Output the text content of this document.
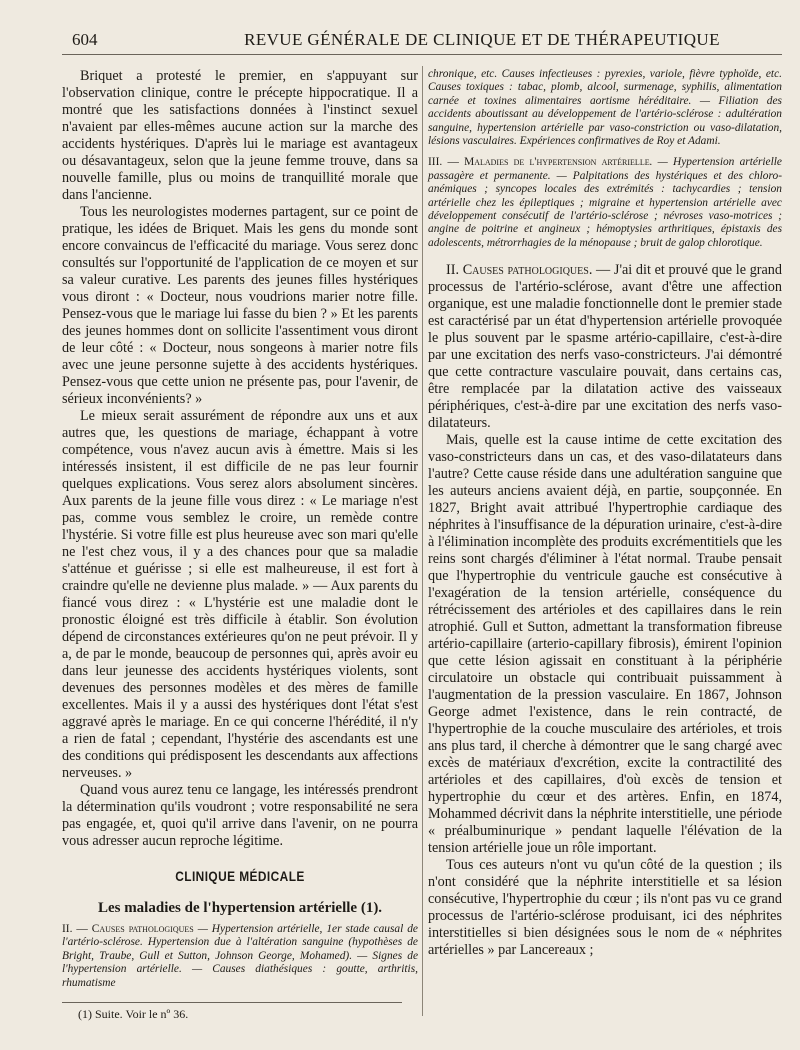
604	REVUE GÉNÉRALE DE CLINIQUE ET DE THÉRAPEUTIQUE

Briquet a protesté le premier, en s'appuyant sur l'observation clinique, contre le précepte hippocratique. Il a montré que les satisfactions données à l'instinct sexuel n'avaient par elles-mêmes aucune action sur la marche des accidents hystériques. D'après lui le mariage est avantageux ou désavantageux, selon que la jeune femme trouve, dans sa nouvelle famille, plus ou moins de tranquillité morale que dans l'ancienne.

Tous les neurologistes modernes partagent, sur ce point de pratique, les idées de Briquet. Mais les gens du monde sont encore convaincus de l'efficacité du mariage. Vous serez donc consultés sur l'opportunité de l'application de ce moyen et sur sa valeur curative. Les parents des jeunes filles hystériques vous diront : « Docteur, nous voudrions marier notre fille. Pensez-vous que le mariage lui fasse du bien ? » Et les parents des jeunes hommes dont on sollicite l'assentiment vous diront de leur côté : « Docteur, nous songeons à marier notre fils avec une jeune personne sujette à des accidents hystériques. Pensez-vous que cette union ne présente pas, pour l'avenir, de sérieux inconvénients? »

Le mieux serait assurément de répondre aux uns et aux autres que, les questions de mariage, échappant à votre compétence, vous n'avez aucun avis à émettre. Mais si les intéressés insistent, il est difficile de ne pas leur fournir quelques explications. Vous serez alors absolument sincères. Aux parents de la jeune fille vous direz : « Le mariage n'est pas, comme vous semblez le croire, un remède contre l'hystérie. Si votre fille est plus heureuse avec son mari qu'elle ne l'est chez vous, il y a des chances pour que sa maladie s'atténue et guérisse ; si elle est malheureuse, il est fort à craindre qu'elle ne devienne plus malade. » — Aux parents du fiancé vous direz : « L'hystérie est une maladie dont le pronostic éloigné est très difficile à établir. Son évolution dépend de circonstances extérieures qu'on ne peut prévoir. Il y a, de par le monde, beaucoup de personnes qui, après avoir eu dans leur jeunesse des accidents hystériques violents, sont devenues des personnes modèles et des mères de famille excellentes. Mais il y a aussi des hystériques dont l'état s'est aggravé après le mariage. En ce qui concerne l'hérédité, il n'y a rien de fatal ; cependant, l'hystérie des ascendants est une des conditions qui prédisposent les descendants aux affections nerveuses. »

Quand vous aurez tenu ce langage, les intéressés prendront la détermination qu'ils voudront ; votre responsabilité ne sera pas engagée, et, quoi qu'il arrive dans l'avenir, on ne pourra vous adresser aucun reproche légitime.

CLINIQUE MÉDICALE
Les maladies de l'hypertension artérielle (1).

II. — Causes pathologiques — Hypertension artérielle, 1er stade causal de l'artério-sclérose. Hypertension due à l'altération sanguine (hypothèses de Bright, Traube, Gull et Sutton, Johnson George, Mohamed). — Signes de l'hypertension artérielle. — Causes diathésiques : goutte, arthritis, rhumatisme

(1) Suite. Voir le nº 36.

chronique, etc. Causes infectieuses : pyrexies, variole, fièvre typhoïde, etc. Causes toxiques : tabac, plomb, alcool, surmenage, syphilis, alimentation carnée et toxines alimentaires aortisme héréditaire. — Filiation des accidents aboutissant au développement de l'artério-sclérose : adultération sanguine, hypertension artérielle par vaso-constriction ou vaso-dilatation, lésions vasculaires. Expériences confirmatives de Roy et Adami.

III. — Maladies de l'hypertension artérielle. — Hypertension artérielle passagère et permanente. — Palpitations des hystériques et des chloro-anémiques ; syncopes locales des extrémités : tachycardies ; tension artérielle chez les épileptiques ; migraine et hypertension artérielle avec développement consécutif de l'artério-sclérose ; névroses vaso-motrices ; angine de poitrine et angineux ; hémoptysies arthritiques, épistaxis des adolescents, métrorrhagies de la ménopause ; bruit de galop chlorotique.

II. Causes pathologiques. — J'ai dit et prouvé que le grand processus de l'artério-sclérose, avant d'être une affection organique, est une maladie fonctionnelle dont le premier stade est caractérisé par un état d'hypertension artérielle provoquée le plus souvent par le spasme artério-capillaire, c'est-à-dire par une excitation des nerfs vaso-constricteurs. J'ai démontré que cette contracture vasculaire pouvait, dans certains cas, être remplacée par la dilatation active des vaisseaux périphériques, c'est-à-dire par une excitation des nerfs vaso-dilatateurs.

Mais, quelle est la cause intime de cette excitation des vaso-constricteurs dans un cas, et des vaso-dilatateurs dans l'autre? Cette cause réside dans une adultération sanguine que les auteurs anciens avaient déjà, en partie, soupçonnée. En 1827, Bright avait attribué l'hypertrophie cardiaque des néphrites à l'insuffisance de la dépuration urinaire, c'est-à-dire à l'élimination incomplète des produits excrémentitiels que les reins sont chargés d'éliminer à l'état normal. Traube pensait que l'hypertrophie du ventricule gauche est consécutive à l'exagération de la tension artérielle, conséquence du rétrécissement des artérioles et des capillaires dans le rein atrophié. Gull et Sutton, admettant la transformation fibreuse artério-capillaire (arterio-capillary fibrosis), émirent l'opinion que cette lésion agissait en constituant à la périphérie circulatoire un obstacle qui contribuait puissamment à l'augmentation de la pression vasculaire. En 1867, Johnson George admet l'existence, dans le rein contracté, de l'hypertrophie de la couche musculaire des artérioles, et trois ans plus tard, il cherche à démontrer que le sang chargé avec excès de matériaux d'excrétion, excite la contractilité des artérioles et des capillaires, d'où excès de tension et hypertrophie du cœur et des artères. Enfin, en 1874, Mohammed décrivit dans la néphrite interstitielle, une période « préalbuminurique » pendant laquelle l'élévation de la tension artérielle joue un rôle important.

Tous ces auteurs n'ont vu qu'un côté de la question ; ils n'ont considéré que la néphrite interstitielle et sa lésion consécutive, l'hypertrophie du cœur ; ils n'ont pas vu ce grand processus de l'artério-sclérose produisant, ici des néphrites interstitielles si bien désignées sous le nom de « néphrites artérielles » par Lancereaux ;
